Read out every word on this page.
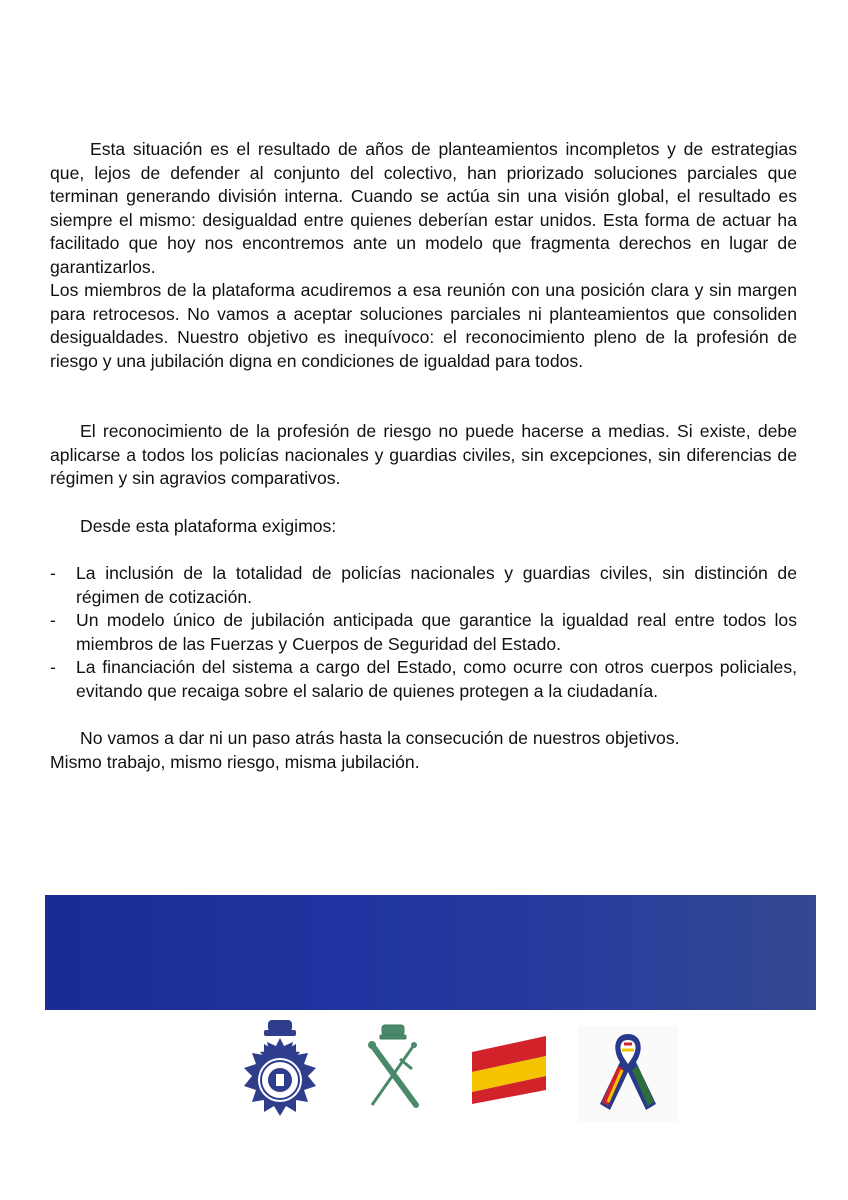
Esta situación es el resultado de años de planteamientos incompletos y de estrategias que, lejos de defender al conjunto del colectivo, han priorizado soluciones parciales que terminan generando división interna. Cuando se actúa sin una visión global, el resultado es siempre el mismo: desigualdad entre quienes deberían estar unidos. Esta forma de actuar ha facilitado que hoy nos encontremos ante un modelo que fragmenta derechos en lugar de garantizarlos.

Los miembros de la plataforma acudiremos a esa reunión con una posición clara y sin margen para retrocesos. No vamos a aceptar soluciones parciales ni planteamientos que consoliden desigualdades. Nuestro objetivo es inequívoco: el reconocimiento pleno de la profesión de riesgo y una jubilación digna en condiciones de igualdad para todos.

El reconocimiento de la profesión de riesgo no puede hacerse a medias. Si existe, debe aplicarse a todos los policías nacionales y guardias civiles, sin excepciones, sin diferencias de régimen y sin agravios comparativos.

Desde esta plataforma exigimos:

- La inclusión de la totalidad de policías nacionales y guardias civiles, sin distinción de régimen de cotización.
- Un modelo único de jubilación anticipada que garantice la igualdad real entre todos los miembros de las Fuerzas y Cuerpos de Seguridad del Estado.
- La financiación del sistema a cargo del Estado, como ocurre con otros cuerpos policiales, evitando que recaiga sobre el salario de quienes protegen a la ciudadanía.

No vamos a dar ni un paso atrás hasta la consecución de nuestros objetivos.

Mismo trabajo, mismo riesgo, misma jubilación.
